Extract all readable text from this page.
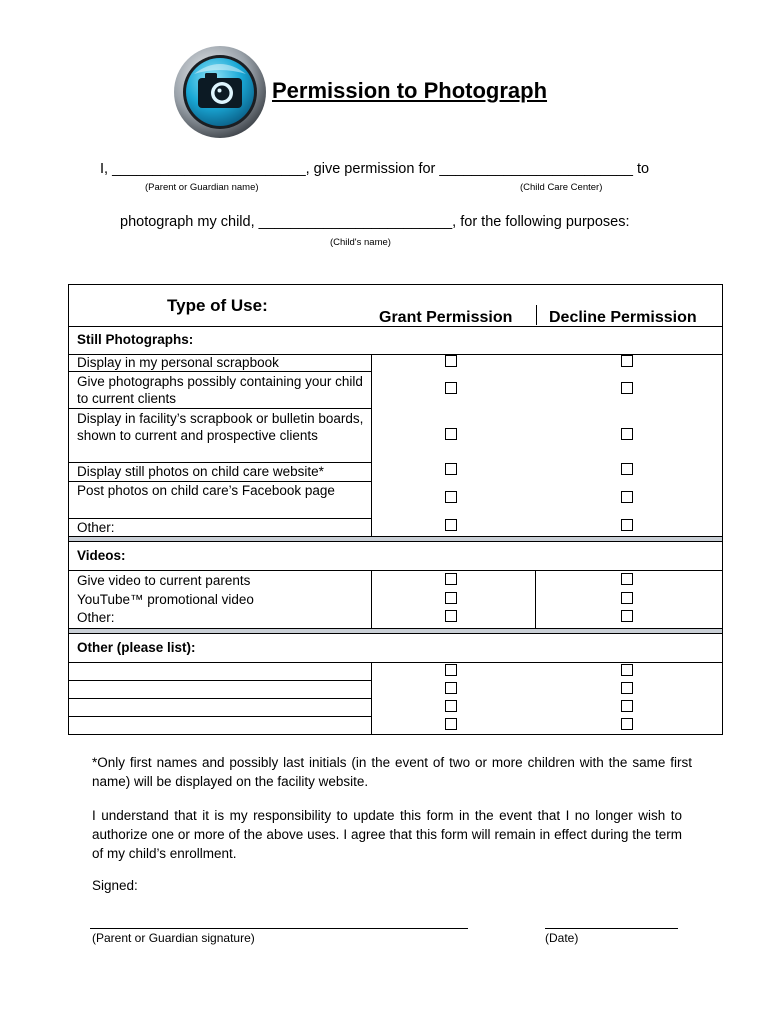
Permission to Photograph
I, ________________________, give permission for ________________________ to
(Parent or Guardian name)	(Child Care Center)
photograph my child, ________________________, for the following purposes:
(Child's name)
Type of Use:
Grant Permission Decline Permission
Still Photographs:
Display in my personal scrapbook
Give photographs possibly containing your child to current clients
Display in facility’s scrapbook or bulletin boards, shown to current and prospective clients
Display still photos on child care website*
Post photos on child care’s Facebook page
Other:
Videos:
Give video to current parents
YouTube™ promotional video
Other:
Other (please list):
*Only first names and possibly last initials (in the event of two or more children with the same first name) will be displayed on the facility website.
I understand that it is my responsibility to update this form in the event that I no longer wish to authorize one or more of the above uses. I agree that this form will remain in effect during the term of my child’s enrollment.
Signed:
(Parent or Guardian signature)	(Date)
